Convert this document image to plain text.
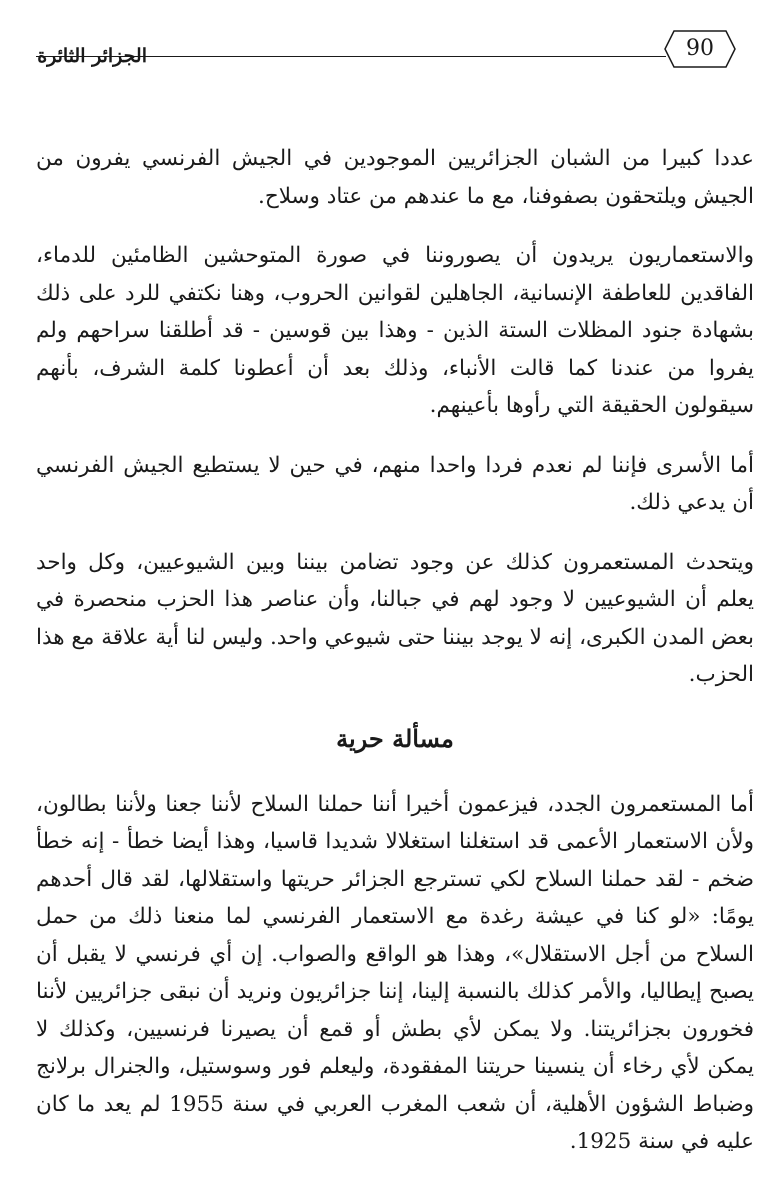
الجزائر الثائرة	90

عددا كبيرا من الشبان الجزائريين الموجودين في الجيش الفرنسي يفرون من الجيش ويلتحقون بصفوفنا، مع ما عندهم من عتاد وسلاح.

والاستعماريون يريدون أن يصوروننا في صورة المتوحشين الظامئين للدماء، الفاقدين للعاطفة الإنسانية، الجاهلين لقوانين الحروب، وهنا نكتفي للرد على ذلك بشهادة جنود المظلات الستة الذين - وهذا بين قوسين - قد أطلقنا سراحهم ولم يفروا من عندنا كما قالت الأنباء، وذلك بعد أن أعطونا كلمة الشرف، بأنهم سيقولون الحقيقة التي رأوها بأعينهم.

أما الأسرى فإننا لم نعدم فردا واحدا منهم، في حين لا يستطيع الجيش الفرنسي أن يدعي ذلك.

ويتحدث المستعمرون كذلك عن وجود تضامن بيننا وبين الشيوعيين، وكل واحد يعلم أن الشيوعيين لا وجود لهم في جبالنا، وأن عناصر هذا الحزب منحصرة في بعض المدن الكبرى، إنه لا يوجد بيننا حتى شيوعي واحد. وليس لنا أية علاقة مع هذا الحزب.

مسألة حرية

أما المستعمرون الجدد، فيزعمون أخيرا أننا حملنا السلاح لأننا جعنا ولأننا بطالون، ولأن الاستعمار الأعمى قد استغلنا استغلالا شديدا قاسيا، وهذا أيضا خطأ - إنه خطأ ضخم - لقد حملنا السلاح لكي تسترجع الجزائر حريتها واستقلالها، لقد قال أحدهم يومًا: «لو كنا في عيشة رغدة مع الاستعمار الفرنسي لما منعنا ذلك من حمل السلاح من أجل الاستقلال»، وهذا هو الواقع والصواب. إن أي فرنسي لا يقبل أن يصبح إيطاليا، والأمر كذلك بالنسبة إلينا، إننا جزائريون ونريد أن نبقى جزائريين لأننا فخورون بجزائريتنا. ولا يمكن لأي بطش أو قمع أن يصيرنا فرنسيين، وكذلك لا يمكن لأي رخاء أن ينسينا حريتنا المفقودة، وليعلم فور وسوستيل، والجنرال برلانج وضباط الشؤون الأهلية، أن شعب المغرب العربي في سنة 1955 لم يعد ما كان عليه في سنة 1925.
